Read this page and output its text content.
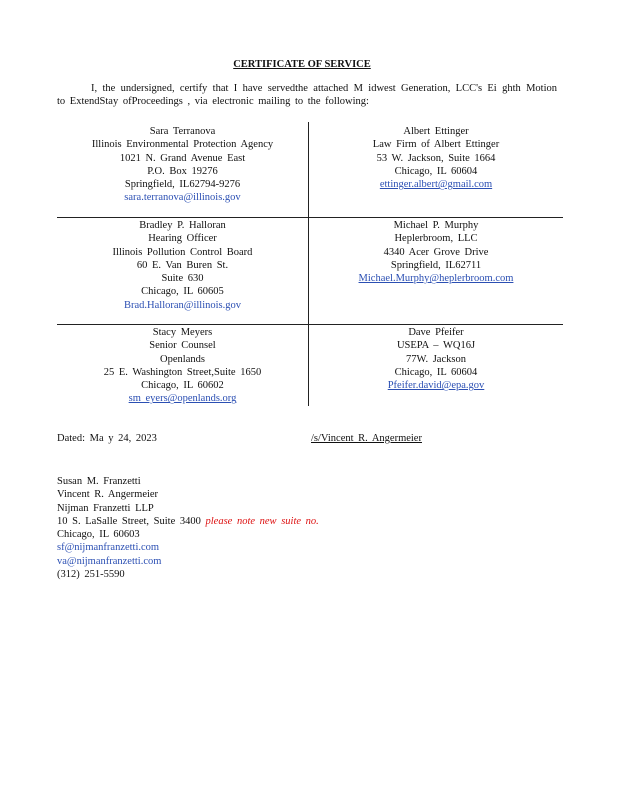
CERTIFICATE OF SERVICE
I, the undersigned, certify that I have servedthe attached M idwest Generation, LCC's Ei ghth Motion to ExtendStay ofProceedings , via electronic mailing to the following:
Sara Terranova
Illinois Environmental Protection Agency
1021 N. Grand Avenue East
P.O. Box 19276
Springfield, IL62794-9276
sara.terranova@illinois.gov
Albert Ettinger
Law Firm of Albert Ettinger
53 W. Jackson, Suite 1664
Chicago, IL 60604
ettinger.albert@gmail.com
Bradley P. Halloran
Hearing Officer
Illinois Pollution Control Board
60 E. Van Buren St.
Suite 630
Chicago, IL 60605
Brad.Halloran@illinois.gov
Michael P. Murphy
Heplerbroom, LLC
4340 Acer Grove Drive
Springfield, IL62711
Michael.Murphy@heplerbroom.com
Stacy Meyers
Senior Counsel
Openlands
25 E. Washington Street,Suite 1650
Chicago, IL 60602
sm eyers@openlands.org
Dave Pfeifer
USEPA – WQ16J
77W. Jackson
Chicago, IL 60604
Pfeifer.david@epa.gov
Dated: Ma y 24, 2023	/s/Vincent R. Angermeier
Susan M. Franzetti
Vincent R. Angermeier
Nijman Franzetti LLP
10 S. LaSalle Street, Suite 3400 please note new suite no.
Chicago, IL 60603
sf@nijmanfranzetti.com
va@nijmanfranzetti.com
(312) 251-5590
